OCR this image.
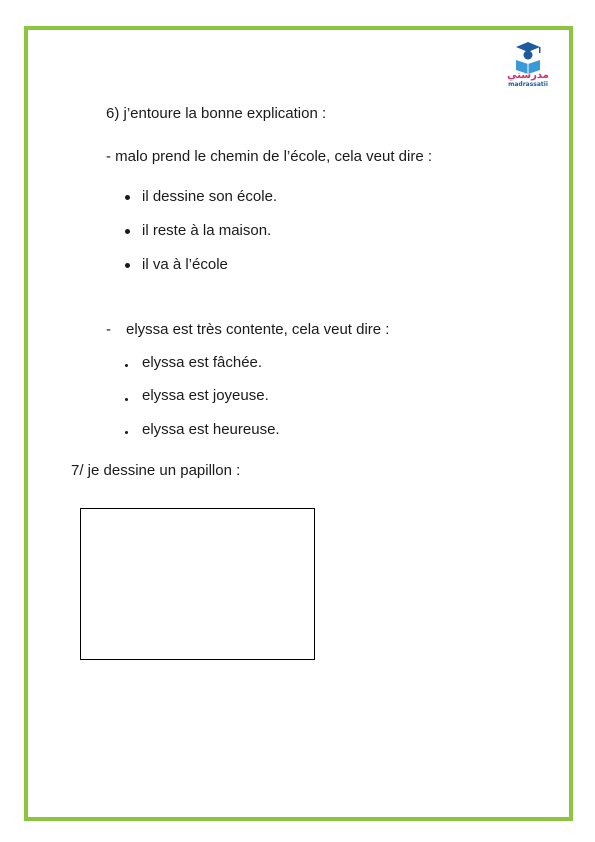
مدرستي
madrassatii
6) j’entoure la bonne explication :
- malo prend le chemin de l’école, cela veut dire :
il dessine son école.
il reste à la maison.
il va à l’école
- elyssa est très contente, cela veut dire :
elyssa est fâchée.
elyssa est joyeuse.
elyssa est heureuse.
7/ je dessine un papillon :
